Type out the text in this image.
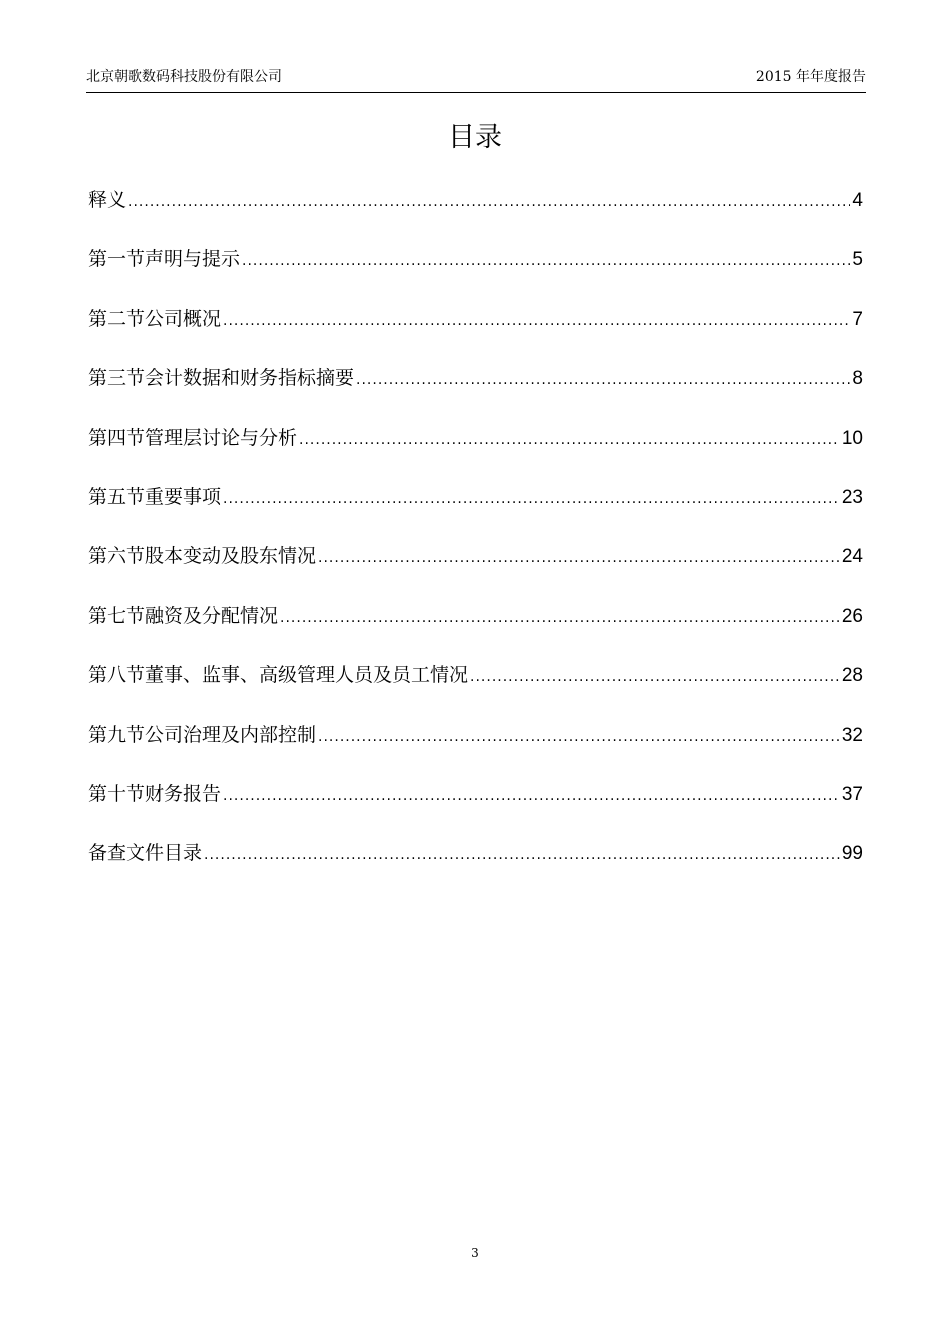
北京朝歌数码科技股份有限公司	2015 年年度报告
目录
释义 .....	4
第一节声明与提示 .....	5
第二节公司概况 .....	7
第三节会计数据和财务指标摘要 .....	8
第四节管理层讨论与分析 .....	10
第五节重要事项 .....	23
第六节股本变动及股东情况 .....	24
第七节融资及分配情况 .....	26
第八节董事、监事、高级管理人员及员工情况 .....	28
第九节公司治理及内部控制 .....	32
第十节财务报告 .....	37
备查文件目录 .....	99
3
